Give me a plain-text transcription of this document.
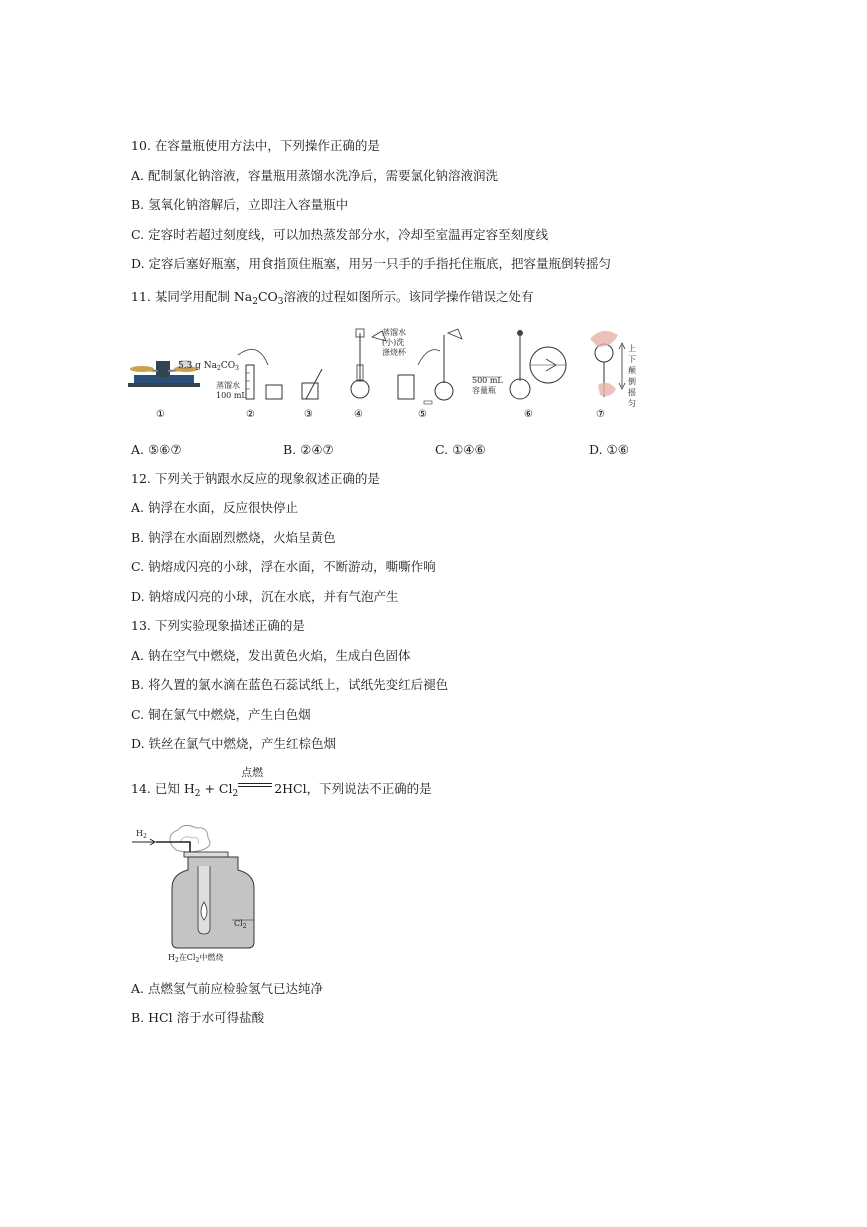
10. 在容量瓶使用方法中，下列操作正确的是
A. 配制氯化钠溶液，容量瓶用蒸馏水洗净后，需要氯化钠溶液润洗
B. 氢氧化钠溶解后，立即注入容量瓶中
C. 定容时若超过刻度线，可以加热蒸发部分水，冷却至室温再定容至刻度线
D. 定容后塞好瓶塞，用食指顶住瓶塞，用另一只手的手指托住瓶底，把容量瓶倒转摇匀
11. 某同学用配制 $Na_2CO_3$溶液的过程如图所示。该同学操作错误之处有
5.3 g $Na_2CO_3$
①
蒸馏水
100 mL
②	③	④
蒸馏水
(小)洗
涤烧杯
⑤
500 mL
容量瓶
⑥	⑦
上
下
颠
倒
摇
匀
A. ⑤⑥⑦	B. ②④⑦	C. ①④⑥	D. ①⑥
12. 下列关于钠跟水反应的现象叙述正确的是
A. 钠浮在水面，反应很快停止
B. 钠浮在水面剧烈燃烧，火焰呈黄色
C. 钠熔成闪亮的小球，浮在水面，不断游动，嘶嘶作响
D. 钠熔成闪亮的小球，沉在水底，并有气泡产生
13. 下列实验现象描述正确的是
A. 钠在空气中燃烧，发出黄色火焰，生成白色固体
B. 将久置的氯水滴在蓝色石蕊试纸上，试纸先变红后褪色
C. 铜在氯气中燃烧，产生白色烟
D. 铁丝在氯气中燃烧，产生红棕色烟
14. 已知 $H_2 + Cl_2$
点燃
2HCl，下列说法不正确的是
$H_2$
$Cl_2$
$H_2$在$Cl_2$中燃烧
A. 点燃氢气前应检验氢气已达纯净
B. HCl 溶于水可得盐酸
